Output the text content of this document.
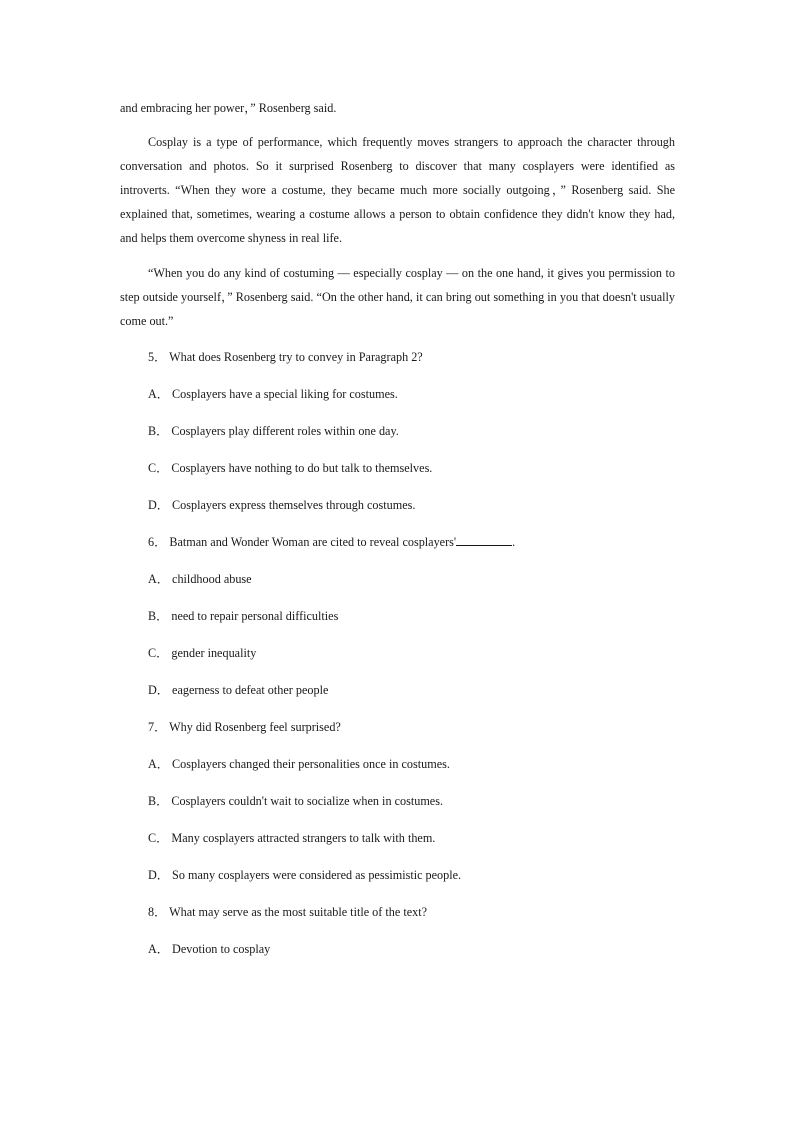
and embracing her power，” Rosenberg said.

Cosplay is a type of performance, which frequently moves strangers to approach the character through conversation and photos. So it surprised Rosenberg to discover that many cosplayers were identified as introverts. “When they wore a costume, they became much more socially outgoing，” Rosenberg said. She explained that, sometimes, wearing a costume allows a person to obtain confidence they didn't know they had, and helps them overcome shyness in real life.

“When you do any kind of costuming — especially cosplay — on the one hand, it gives you permission to step outside yourself，” Rosenberg said. “On the other hand, it can bring out something in you that doesn't usually come out.”

5． What does Rosenberg try to convey in Paragraph 2?
A． Cosplayers have a special liking for costumes.
B． Cosplayers play different roles within one day.
C． Cosplayers have nothing to do but talk to themselves.
D． Cosplayers express themselves through costumes.
6． Batman and Wonder Woman are cited to reveal cosplayers'	.
A． childhood abuse
B． need to repair personal difficulties
C． gender inequality
D． eagerness to defeat other people
7． Why did Rosenberg feel surprised?
A． Cosplayers changed their personalities once in costumes.
B． Cosplayers couldn't wait to socialize when in costumes.
C． Many cosplayers attracted strangers to talk with them.
D． So many cosplayers were considered as pessimistic people.
8． What may serve as the most suitable title of the text?
A． Devotion to cosplay
